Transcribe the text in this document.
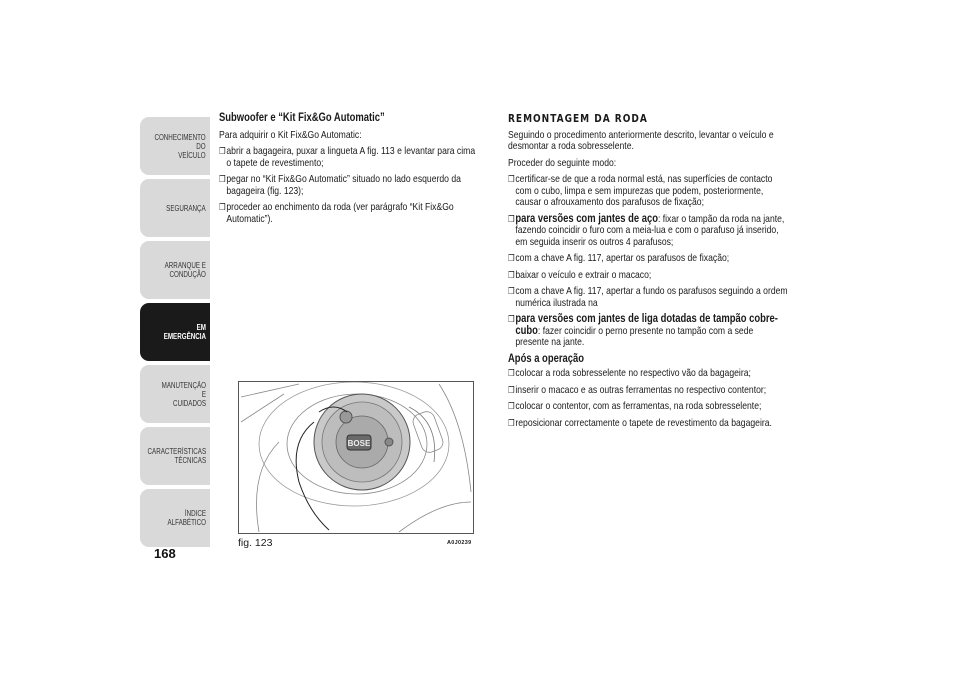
CONHECIMENTO DO
VEÍCULO
SEGURANÇA
ARRANQUE E
CONDUÇÃO
EM EMERGÊNCIA
MANUTENÇÃO E
CUIDADOS
CARACTERÍSTICAS
TÉCNICAS
ÍNDICE ALFABÉTICO
168

Subwoofer e “Kit Fix&Go Automatic”

Para adquirir o Kit Fix&Go Automatic:

❒ abrir a bagageira, puxar a lingueta A fig. 113 e levantar para cima o tapete de revestimento;
❒ pegar no “Kit Fix&Go Automatic” situado no lado esquerdo da bagageira (fig. 123);
❒ proceder ao enchimento da roda (ver parágrafo “Kit Fix&Go Automatic”).
BOSE
fig. 123	A0J0239

REMONTAGEM DA RODA

Seguindo o procedimento anteriormente descrito, levantar o veículo e desmontar a roda sobresselente.

Proceder do seguinte modo:

❒ certificar-se de que a roda normal está, nas superfícies de contacto com o cubo, limpa e sem impurezas que podem, posteriormente, causar o afrouxamento dos parafusos de fixação;
❒ para versões com jantes de aço: fixar o tampão da roda na jante, fazendo coincidir o furo com a meia-lua e com o parafuso já inserido, em seguida inserir os outros 4 parafusos;
❒ com a chave A fig. 117, apertar os parafusos de fixação;
❒ baixar o veículo e extrair o macaco;
❒ com a chave A fig. 117, apertar a fundo os parafusos seguindo a ordem numérica ilustrada na
❒ para versões com jantes de liga dotadas de tampão cobre-cubo: fazer coincidir o perno presente no tampão com a sede presente na jante.

Após a operação

❒ colocar a roda sobresselente no respectivo vão da bagageira;
❒ inserir o macaco e as outras ferramentas no respectivo contentor;
❒ colocar o contentor, com as ferramentas, na roda sobresselente;
❒ reposicionar correctamente o tapete de revestimento da bagageira.
